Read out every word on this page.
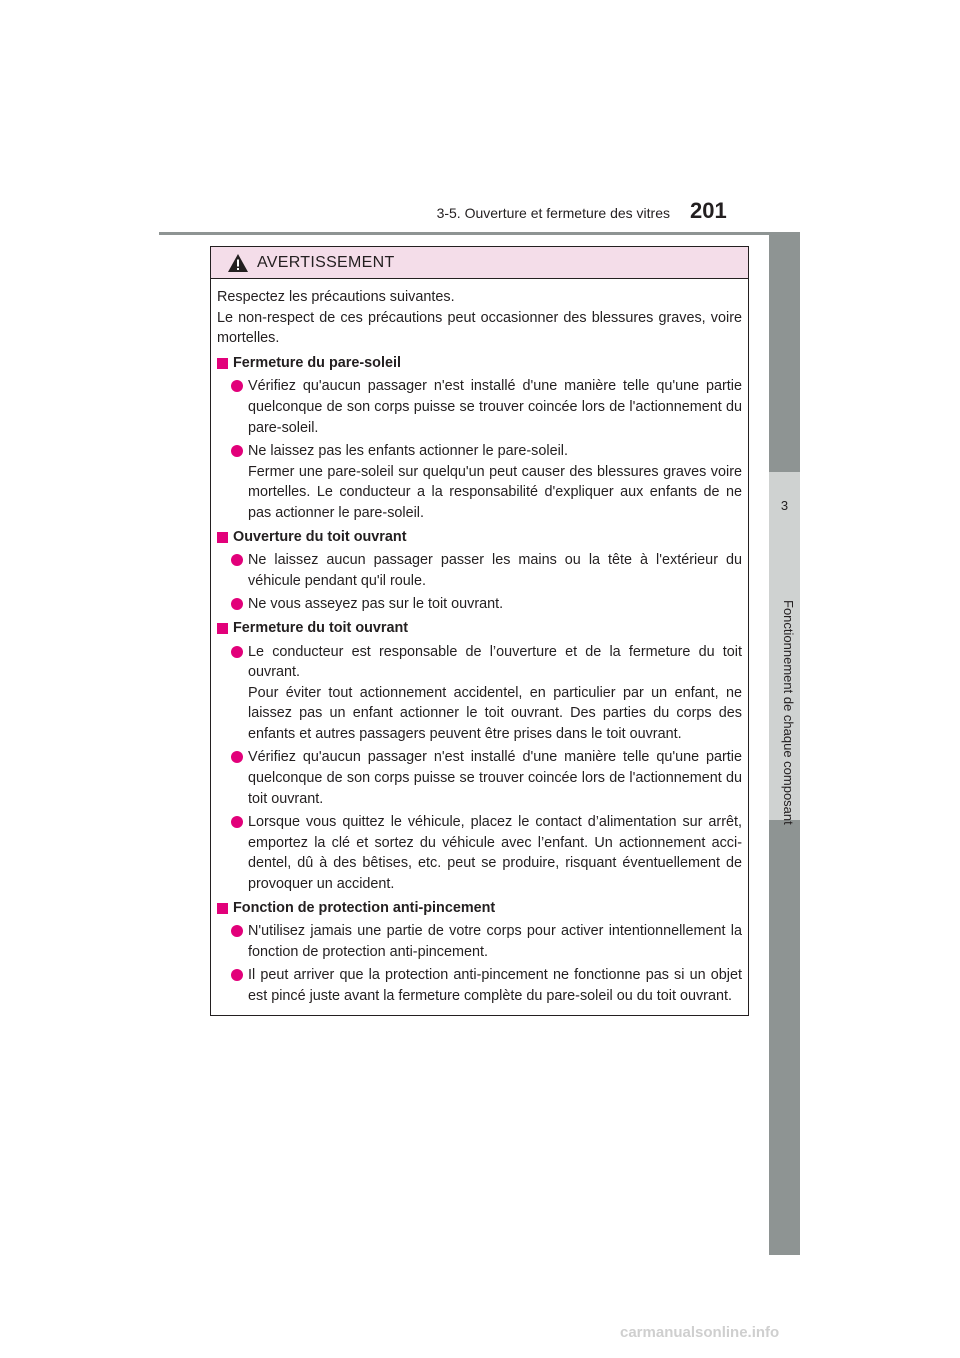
3-5. Ouverture et fermeture des vitres 201
3
Fonctionnement de chaque composant
AVERTISSEMENT

Respectez les précautions suivantes.

Le non-respect de ces précautions peut occasionner des blessures graves, voire mortelles.

Fermeture du pare-soleil
Vérifiez qu'aucun passager n'est installé d'une manière telle qu'une partie quelconque de son corps puisse se trouver coincée lors de l'actionnement du pare-soleil.
Ne laissez pas les enfants actionner le pare-soleil.
Fermer une pare-soleil sur quelqu'un peut causer des blessures graves voire mortelles. Le conducteur a la responsabilité d'expliquer aux enfants de ne pas actionner le pare-soleil.
Ouverture du toit ouvrant
Ne laissez aucun passager passer les mains ou la tête à l'extérieur du véhicule pendant qu'il roule.
Ne vous asseyez pas sur le toit ouvrant.
Fermeture du toit ouvrant
Le conducteur est responsable de l’ouverture et de la fermeture du toit ouvrant.
Pour éviter tout actionnement accidentel, en particulier par un enfant, ne laissez pas un enfant actionner le toit ouvrant. Des parties du corps des enfants et autres passagers peuvent être prises dans le toit ouvrant.
Vérifiez qu'aucun passager n'est installé d'une manière telle qu'une partie quelconque de son corps puisse se trouver coincée lors de l'actionnement du toit ouvrant.
Lorsque vous quittez le véhicule, placez le contact d’alimentation sur arrêt, emportez la clé et sortez du véhicule avec l’enfant. Un actionnement acci-dentel, dû à des bêtises, etc. peut se produire, risquant éventuellement de provoquer un accident.
Fonction de protection anti-pincement
N'utilisez jamais une partie de votre corps pour activer intentionnellement la fonction de protection anti-pincement.
Il peut arriver que la protection anti-pincement ne fonctionne pas si un objet est pincé juste avant la fermeture complète du pare-soleil ou du toit ouvrant.
carmanualsonline.info
